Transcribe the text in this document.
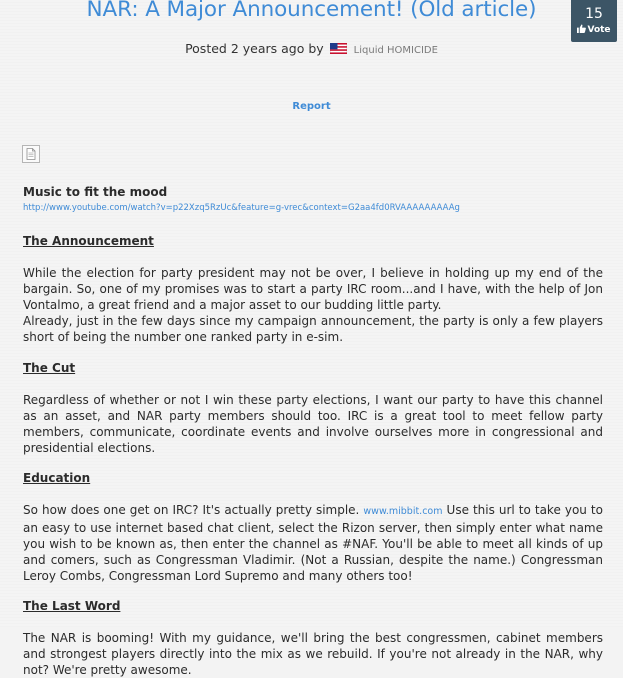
NAR: A Major Announcement! (Old article)	15
Vote
Posted 2 years ago by	Liquid HOMICIDE
Report

Music to fit the mood

http://www.youtube.com/watch?v=p22Xzq5RzUc&feature=g-vrec&context=G2aa4fd0RVAAAAAAAAAg

The Announcement

While the election for party president may not be over, I believe in holding up my end of the bargain. So, one of my promises was to start a party IRC room...and I have, with the help of Jon Vontalmo, a great friend and a major asset to our budding little party.

Already, just in the few days since my campaign announcement, the party is only a few players short of being the number one ranked party in e-sim.

The Cut

Regardless of whether or not I win these party elections, I want our party to have this channel as an asset, and NAR party members should too. IRC is a great tool to meet fellow party members, communicate, coordinate events and involve ourselves more in congressional and presidential elections.

Education

So how does one get on IRC? It's actually pretty simple. www.mibbit.com Use this url to take you to an easy to use internet based chat client, select the Rizon server, then simply enter what name you wish to be known as, then enter the channel as #NAF. You'll be able to meet all kinds of up and comers, such as Congressman Vladimir. (Not a Russian, despite the name.) Congressman Leroy Combs, Congressman Lord Supremo and many others too!

The Last Word

The NAR is booming! With my guidance, we'll bring the best congressmen, cabinet members and strongest players directly into the mix as we rebuild. If you're not already in the NAR, why not? We're pretty awesome.
